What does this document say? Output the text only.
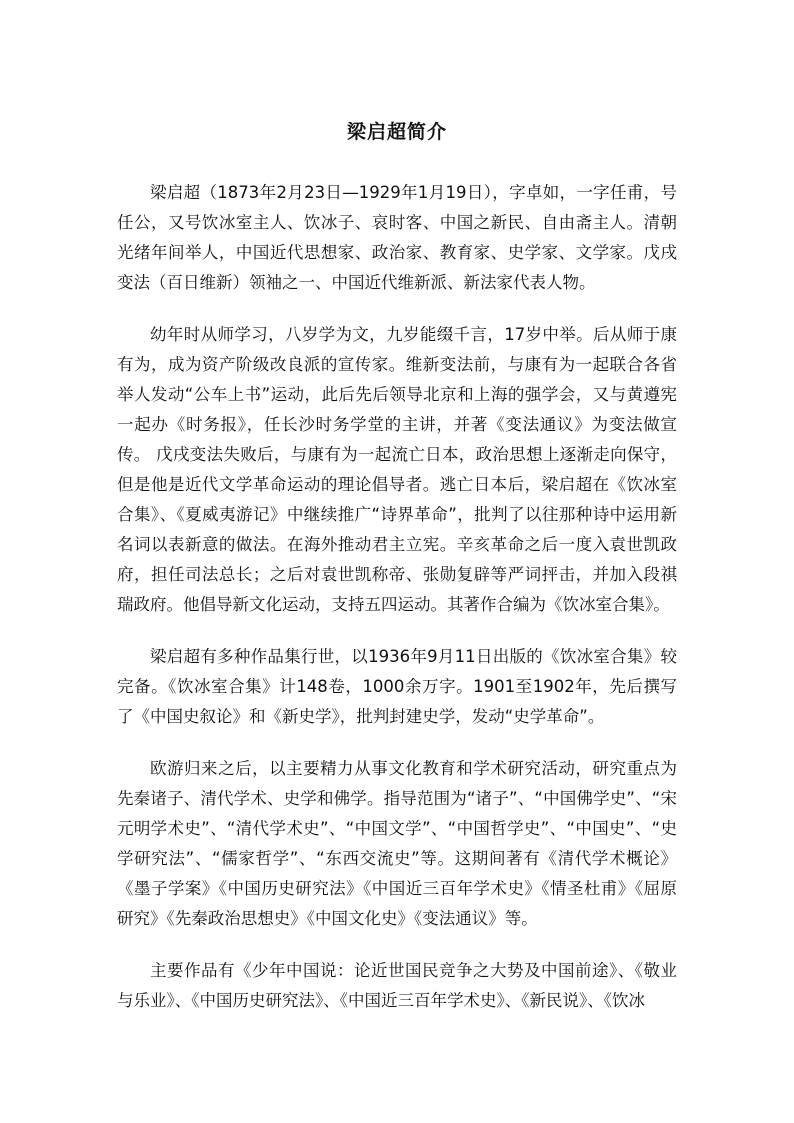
梁启超简介

梁启超（1873年2月23日—1929年1月19日），字卓如，一字任甫，号任公，又号饮冰室主人、饮冰子、哀时客、中国之新民、自由斋主人。清朝光绪年间举人，中国近代思想家、政治家、教育家、史学家、文学家。戊戌变法（百日维新）领袖之一、中国近代维新派、新法家代表人物。

幼年时从师学习，八岁学为文，九岁能缀千言，17岁中举。后从师于康有为，成为资产阶级改良派的宣传家。维新变法前，与康有为一起联合各省举人发动“公车上书”运动，此后先后领导北京和上海的强学会，又与黄遵宪一起办《时务报》，任长沙时务学堂的主讲，并著《变法通议》为变法做宣传。 戊戌变法失败后，与康有为一起流亡日本，政治思想上逐渐走向保守，但是他是近代文学革命运动的理论倡导者。逃亡日本后，梁启超在《饮冰室合集》、《夏威夷游记》中继续推广“诗界革命”，批判了以往那种诗中运用新名词以表新意的做法。在海外推动君主立宪。辛亥革命之后一度入袁世凯政府，担任司法总长；之后对袁世凯称帝、张勋复辟等严词抨击，并加入段祺瑞政府。他倡导新文化运动，支持五四运动。其著作合编为《饮冰室合集》。

梁启超有多种作品集行世，以1936年9月11日出版的《饮冰室合集》较完备。《饮冰室合集》计148卷，1000余万字。1901至1902年，先后撰写了《中国史叙论》和《新史学》，批判封建史学，发动“史学革命”。

欧游归来之后，以主要精力从事文化教育和学术研究活动，研究重点为先秦诸子、清代学术、史学和佛学。指导范围为“诸子”、“中国佛学史”、“宋元明学术史”、“清代学术史”、“中国文学”、“中国哲学史”、“中国史”、“史学研究法”、“儒家哲学”、“东西交流史”等。这期间著有《清代学术概论》《墨子学案》《中国历史研究法》《中国近三百年学术史》《情圣杜甫》《屈原研究》《先秦政治思想史》《中国文化史》《变法通议》等。

主要作品有《少年中国说：论近世国民竞争之大势及中国前途》、《敬业与乐业》、《中国历史研究法》、《中国近三百年学术史》、《新民说》、《饮冰
